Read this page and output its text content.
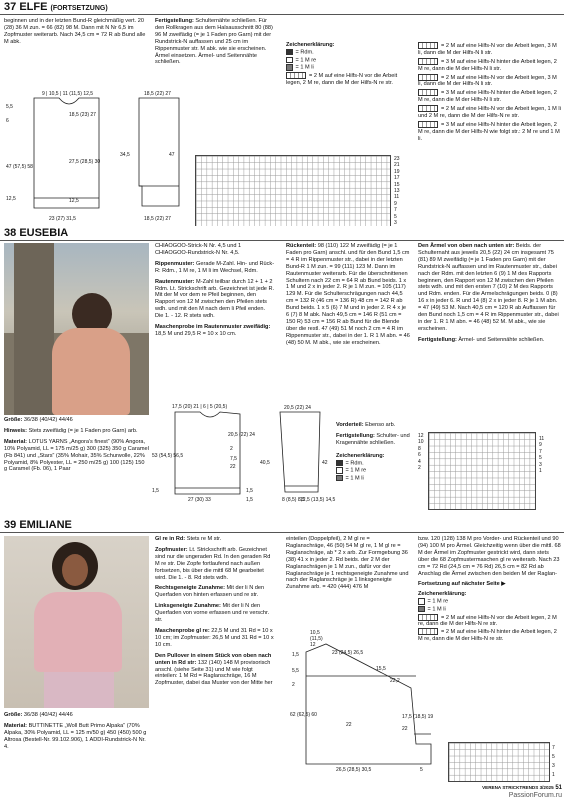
37 ELFE (FORTSETZUNG)

beginnen und in der letzten Bund-R gleichmäßig vert. 20 (28) 36 M zun. = 66 (82) 98 M. Dann mit N Nr 6,5 im Zopfmuster weiterarb. Nach 34,5 cm = 72 R ab Bund alle M abk.

Fertigstellung: Schulternähte schließen. Für den Rollkragen aus dem Halsausschnitt 80 (88) 96 M zweifädig (= je 1 Faden pro Garn) mit der Rundstrick-N auffassen und 25 cm im Rippenmuster str. M abk. wie sie erscheinen. Ärmel einsetzen. Ärmel- und Seitennähte schließen.

Zeichenerklärung:
= Rdm.
= 1 M re
= 1 M li
= 2 M auf eine Hilfs-N vor die Arbeit legen, 2 M re, dann die M der Hilfs-N re str.
= 2 M auf eine Hilfs-N vor die Arbeit legen, 3 M li, dann die M der Hilfs-N li str.
= 3 M auf eine Hilfs-N hinter die Arbeit legen, 2 M re, dann die M der Hilfs-N li str.
= 2 M auf eine Hilfs-N vor die Arbeit legen, 3 M li, dann die M der Hilfs-N li str.
= 3 M auf eine Hilfs-N hinter die Arbeit legen, 2 M re, dann die M der Hilfs-N li str.
= 2 M auf eine Hilfs-N vor die Arbeit legen, 1 M li und 2 M re, dann die M der Hilfs-N re str.
= 3 M auf eine Hilfs-N hinter die Arbeit legen, 2 M re, dann die M der Hilfs-N wie folgt str.: 2 M re und 1 M li.
9 | 10,5 | 11 (11,5) 12,5	18,5 (22) 27
5,5
6
47 (57,5) 58
12,5
18,5 (23) 27
27,5 (28,5) 30
34,5	47
12,5
23 (27) 31,5	18,5 (22) 27
23
21
19
17
15
13
11
9
7
5
3
38 EUSEBIA

Größe: 36/38 (40/42) 44/46

Hinweis: Stets zweifädig (= je 1 Faden pro Garn) arb.

Material: LOTUS YARNS „Angora's finest“ (90% Angora, 10% Polyamid, LL = 175 m/25 g) 300 (325) 350 g Caramel (Fb 841) und „Stars“ (35% Mohair, 35% Schurwolle, 22% Polyamid, 8% Polyester, LL = 250 m/25 g) 100 (125) 150 g Caramel (Fb. 06), 1 Paar

CHIAOGOO-Strick-N Nr. 4,5 und 1 CHIAOGOO-Rundstrick-N Nr. 4,5.

Rippenmuster: Gerade M-Zahl. Hin- und Rück-R: Rdm., 1 M re, 1 M li im Wechsel, Rdm.

Rautenmuster: M-Zahl teilbar durch 12 + 1 + 2 Rdm. Lt. Strickschrift arb. Gezeichnet ist jede R. Mit der M vor dem re Pfeil beginnen, den Rapport von 12 M zwischen den Pfeilen stets wdh. und mit den M nach dem li Pfeil enden. Die 1. - 12. R stets wdh.

Maschenprobe im Rautenmuster zweifädig: 18,5 M und 29,5 R = 10 x 10 cm.

Rückenteil: 98 (110) 122 M zweifädig (= je 1 Faden pro Garn) anschl. und für den Bund 1,5 cm = 4 R im Rippenmuster str., dabei in der letzten Bund-R 1 M zun. = 99 (111) 123 M. Dann im Rautenmuster weiterarb. Für die überschnittenen Schultern nach 22 cm = 64 R ab Bund beids. 1 x 1 M und 2 x in jeder 2. R je 1 M zun. = 105 (117) 129 M. Für die Schulterschrägungen nach 44,5 cm = 132 R (46 cm = 136 R) 48 cm = 142 R ab Bund beids. 1 x 5 (6) 7 M und in jeder 2. R 4 x je 6 (7) 8 M abk. Nach 49,5 cm = 146 R (51 cm = 150 R) 53 cm = 156 R ab Bund für die Blende über die restl. 47 (49) 51 M noch 2 cm = 4 R im Rippenmuster str., dabei in der 1. R 1 M abn. = 46 (48) 50 M. M abk., wie sie erscheinen.

Vorderteil: Ebenso arb.

Fertigstellung: Schulter- und Kragennähte schließen.

Zeichenerklärung:
= Rdm.
= 1 M re
= 1 M li

Den Ärmel von oben nach unten str: Beids. der Schulternaht aus jeweils 20,5 (22) 24 cm insgesamt 75 (81) 89 M zweifädig (= je 1 Faden pro Garn) mit der Rundstrick-N auffassen und im Rautenmuster str., dabei nach der Rdm. mit den letzten 6 (9) 1 M des Rapports beginnen, den Rapport von 12 M zwischen den Pfeilen stets wdh. und mit den ersten 7 (10) 2 M des Rapports und Rdm. enden. Für die Armelschrägungen beids. 0 (8) 16 x in jeder 6. R und 14 (8) 2 x in jeder 8. R je 1 M abn. = 47 (49) 53 M. Nach 40,5 cm = 120 R ab Auffassen für den Bund noch 1,5 cm = 4 R im Rippenmuster str., dabei in der 1. R 1 M abn. = 46 (48) 52 M. M abk., wie sie erscheinen.

Fertigstellung: Ärmel- und Seitennähte schließen.

17,5 (20) 21 | 6 | 5 (20,5)
53 (54,5) 56,5
1,5
20,5 (22) 24
2
7,5
22
40,5	42
1,5
20,5 (22) 24
27 (30) 33	1,5	8 (8,5) 8,5
12,5 (13,5) 14,5
12
10
8
6
4
2
11
9
7
5
3
1
39 EMILIANE

Größe: 36/38 (40/42) 44/46

Material: BUTTINETTE „Woll Butt Primo Alpaka“ (70% Alpaka, 30% Polyamid, LL = 125 m/50 g) 450 (450) 500 g Altrosa (Bestell-Nr. 99.102.906), 1 ADDI-Rundstrick-N Nr. 4.

Gl re in Rd: Stets re M str.

Zopfmuster: Lt. Strickschrift arb. Gezeichnet sind nur die ungeraden Rd. In den geraden Rd M re str. Die Zopfe fortlaufend nach außen fortsetzen, bis über die mittl 68 M gearbeitet wird. Die 1. - 8. Rd stets wdh.

Rechtsgeneigte Zunahme: Mit der li N den Querfaden von hinten erfassen und re str.

Linksgeneigte Zunahme: Mit der li N den Querfaden von vorne erfassen und re verschr. str.

Maschenprobe gl re: 22,5 M und 31 Rd = 10 x 10 cm; im Zopfmuster: 26,5 M und 31 Rd = 10 x 10 cm.

Den Pullover in einem Stück von oben nach unten in Rd str: 132 (140) 148 M provisorisch anschl. (siehe Seite 31) und M wie folgt einteilen: 1 M Rd = Raglanschräge, 16 M Zopfmuster, dabei das Muster von der Mitte her

einteilen (Doppelpfeil), 2 M gl re = Raglanschräge, 46 (50) 54 M gl re, 1 M gl re = Raglanschräge, ab * 2 x arb. Zur Formgebung 36 (38) 41 x in jeder 2. Rd beids. der 2 M der Raglanschrägen je 1 M zun., dafür vor der Raglanschräge je 1 rechtsgeneigte Zunahme und nach der Raglanschräge je 1 linksgeneigte Zunahme arb. = 420 (444) 476 M

bzw. 120 (128) 138 M pro Vorder- und Rückenteil und 90 (94) 100 M pro Ärmel. Gleichzeitig wenn über die mittl. 68 M der Ärmel im Zopfmuster gestrickt wird, dann stets über die 68 Zopfmustermaschen gl re weiterarb. Nach 23 cm = 72 Rd (24,5 cm = 76 Rd) 26,5 cm = 82 Rd ab Anschlag die Ärmel zwischen den beiden M der Raglan-

Fortsetzung auf nächster Seite ▶
Zeichenerklärung:
= 1 M re
= 1 M li
= 2 M auf eine Hilfs-N vor die Arbeit legen, 2 M re, dann die M der Hilfs-N re str.
= 2 M auf eine Hilfs-N hinter die Arbeit legen, 2 M re, dann die M der Hilfs-N re str.
10,5
(11,5)
12
1,5	23 (24,5) 26,5
15,5
22,2
5,5
2
62 (62,5) 60	17,5 (18,5) 19
22
22
26,5 (28,5) 30,5	5
7
5
3
1
VERENA STRICKTRENDS 3/2025 51
PassionForum.ru
